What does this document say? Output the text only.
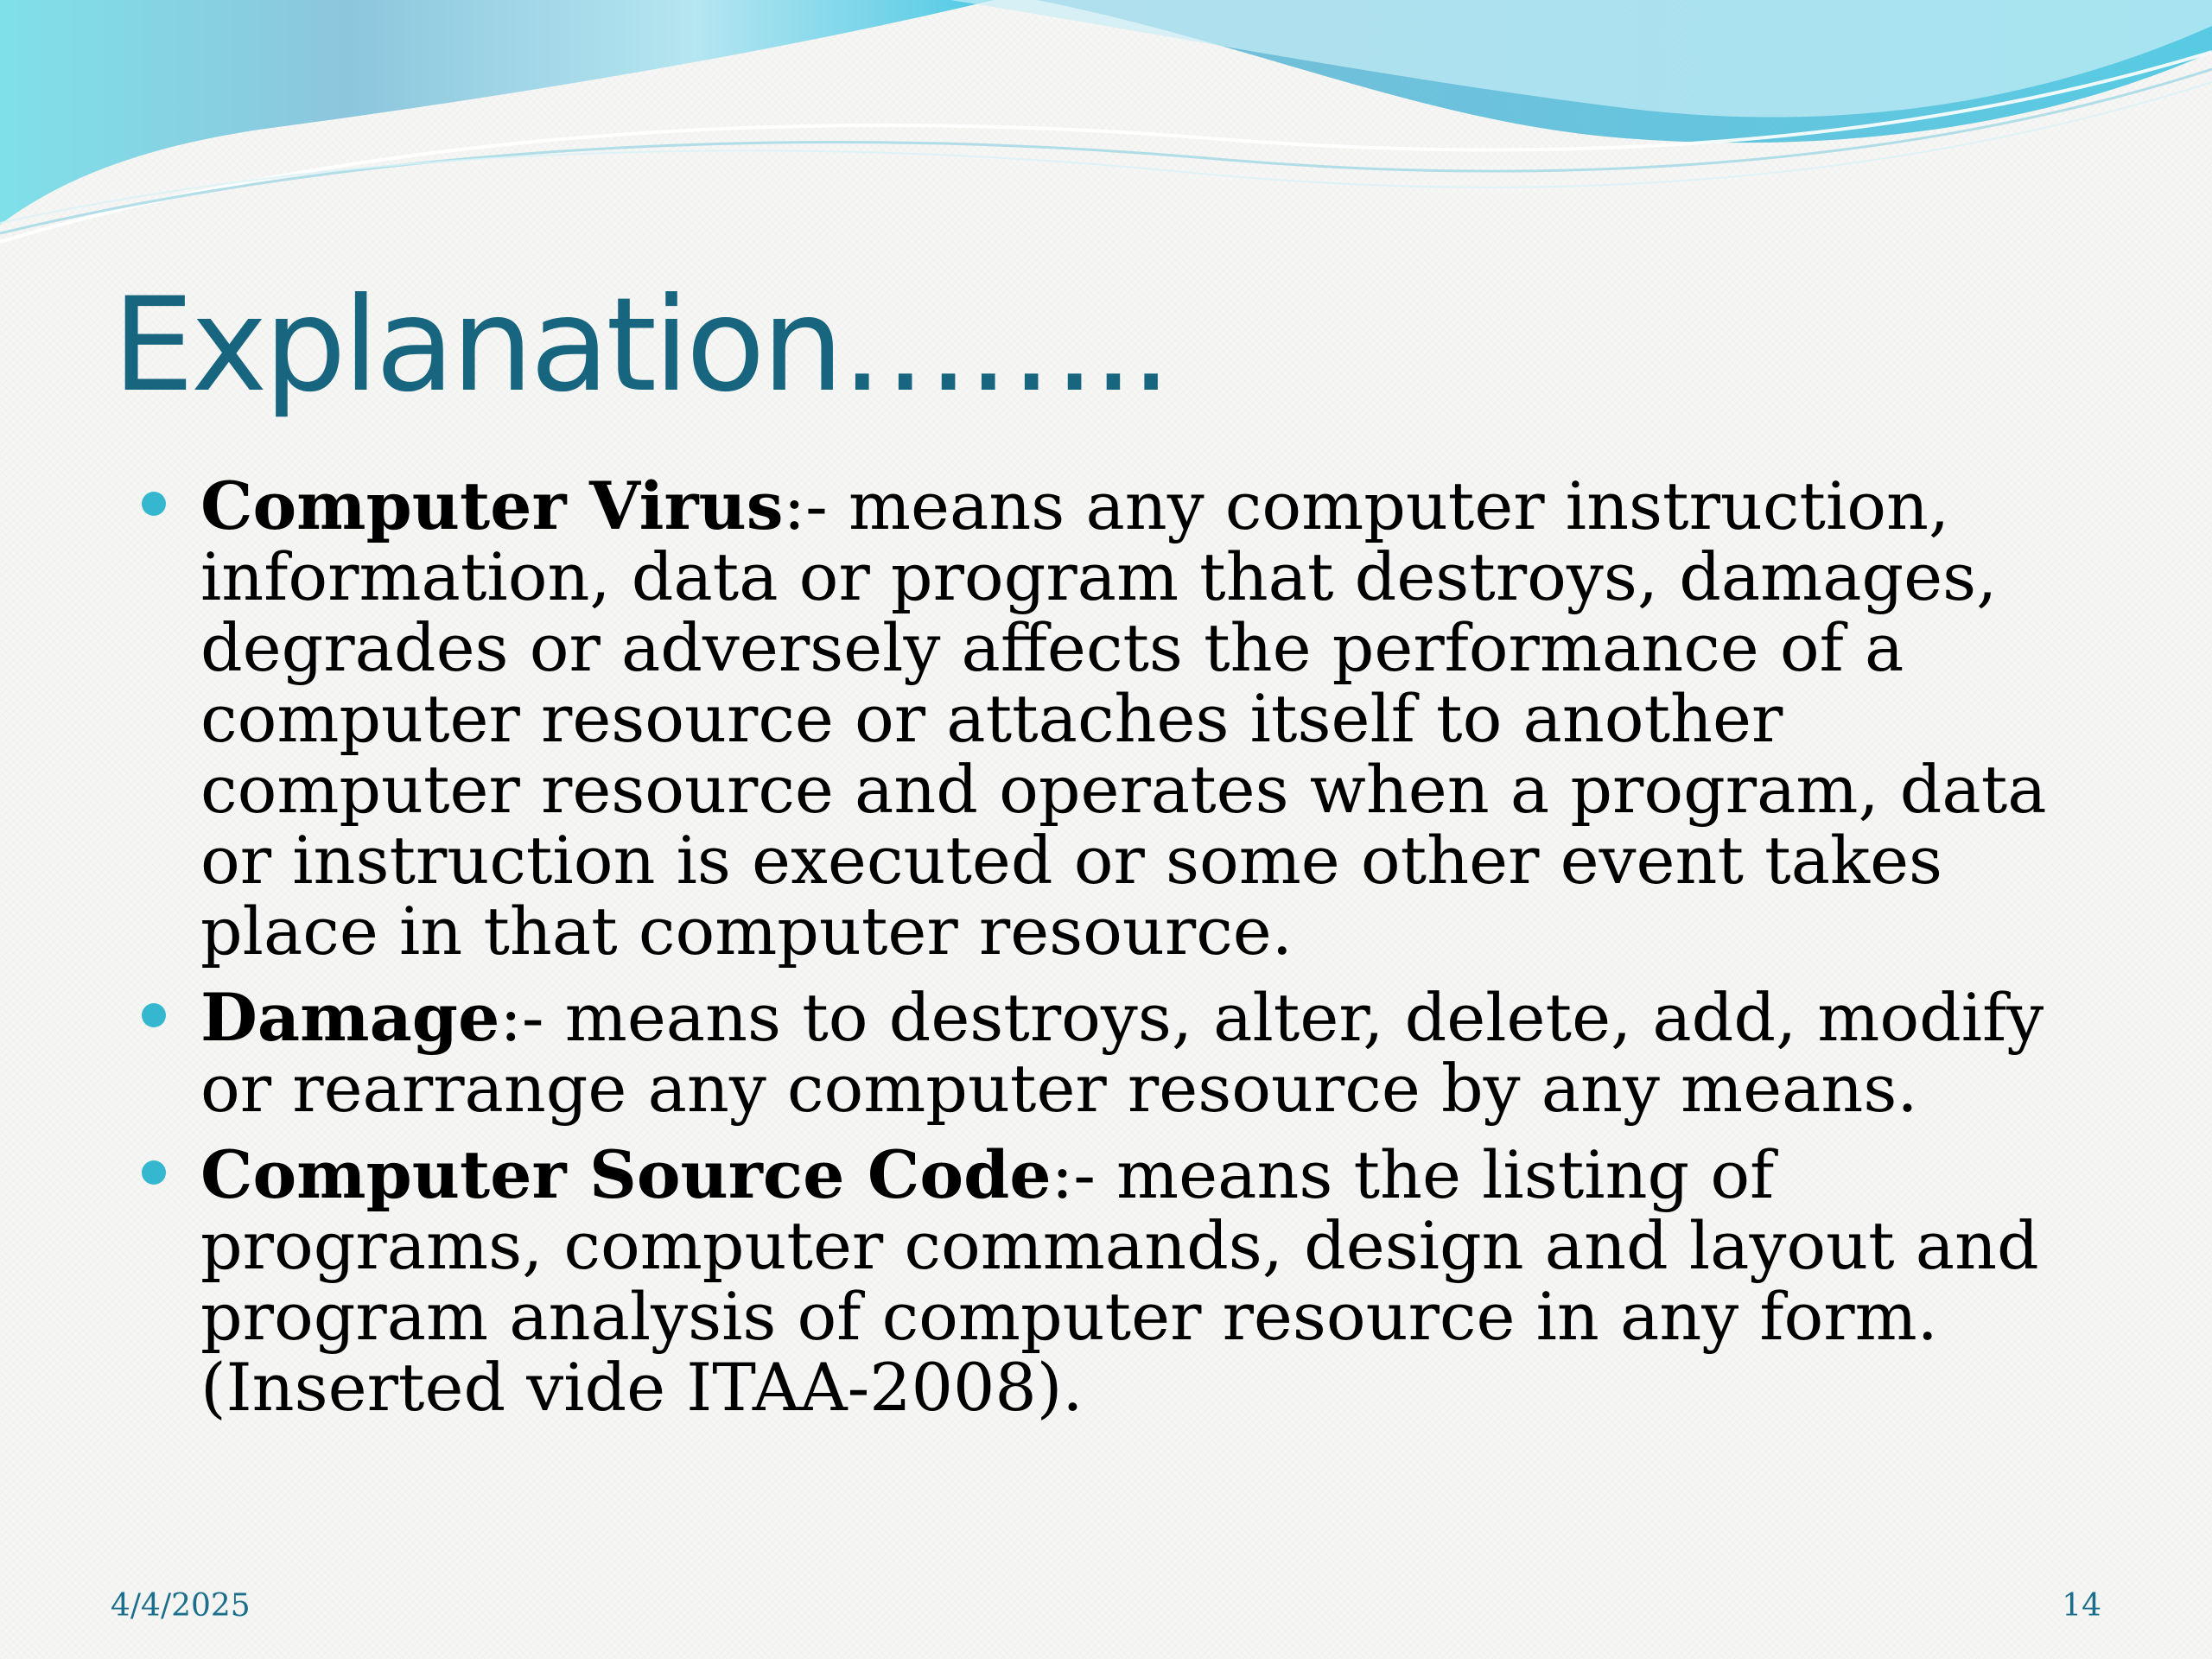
Explanation……..
Computer Virus:- means any computer instruction, information, data or program that destroys, damages, degrades or adversely affects the performance of a computer resource or attaches itself to another computer resource and operates when a program, data or instruction is executed or some other event takes place in that computer resource.
Damage:- means to destroys, alter, delete, add, modify or rearrange any computer resource by any means.
Computer Source Code:- means the listing of programs, computer commands, design and layout and program analysis of computer resource in any form.(Inserted vide ITAA-2008).
4/4/2025	14
